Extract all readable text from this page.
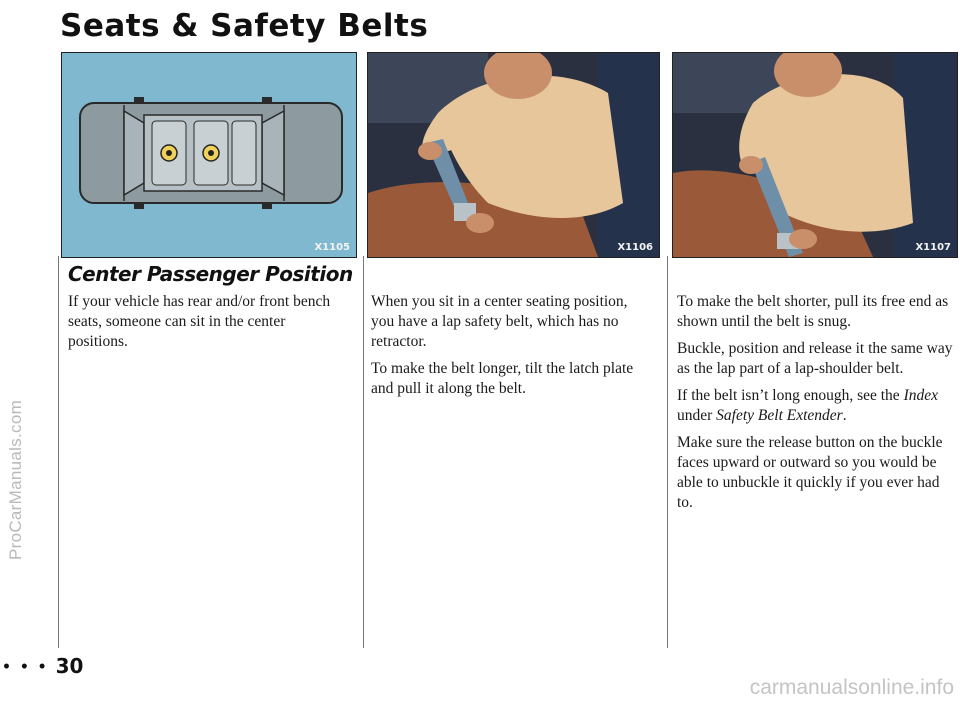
ProCarManuals.com
Seats & Safety Belts
X1105	X1106	X1107
Center Passenger Position

If your vehicle has rear and/or front bench seats, someone can sit in the center positions.

When you sit in a center seating position, you have a lap safety belt, which has no retractor.

To make the belt longer, tilt the latch plate and pull it along the belt.

To make the belt shorter, pull its free end as shown until the belt is snug.

Buckle, position and release it the same way as the lap part of a lap-shoulder belt.

If the belt isn’t long enough, see the Index under Safety Belt Extender.

Make sure the release button on the buckle faces upward or outward so you would be able to unbuckle it quickly if you ever had to.

• • • 30
carmanualsonline.info
